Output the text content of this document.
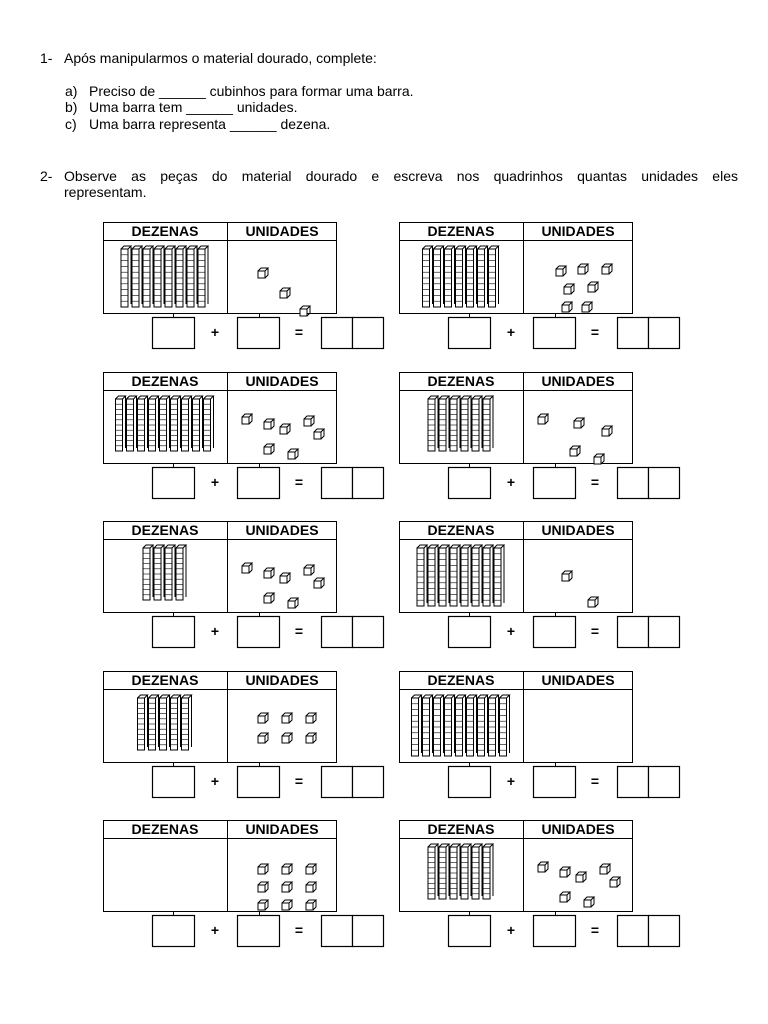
1- Após manipularmos o material dourado, complete:
a) Preciso de ______ cubinhos para formar uma barra.
b) Uma barra tem ______ unidades.
c) Uma barra representa ______ dezena.
2- Observe as peças do material dourado e escreva nos quadrinhos quantas unidades eles
representam.
DEZENAS	UNIDADES
+	=
DEZENAS	UNIDADES
+	=
DEZENAS	UNIDADES
+	=
DEZENAS	UNIDADES
+	=
DEZENAS	UNIDADES
+	=
DEZENAS	UNIDADES
+	=
DEZENAS	UNIDADES
+	=
DEZENAS	UNIDADES
+	=
DEZENAS	UNIDADES
+	=
DEZENAS	UNIDADES
+	=
